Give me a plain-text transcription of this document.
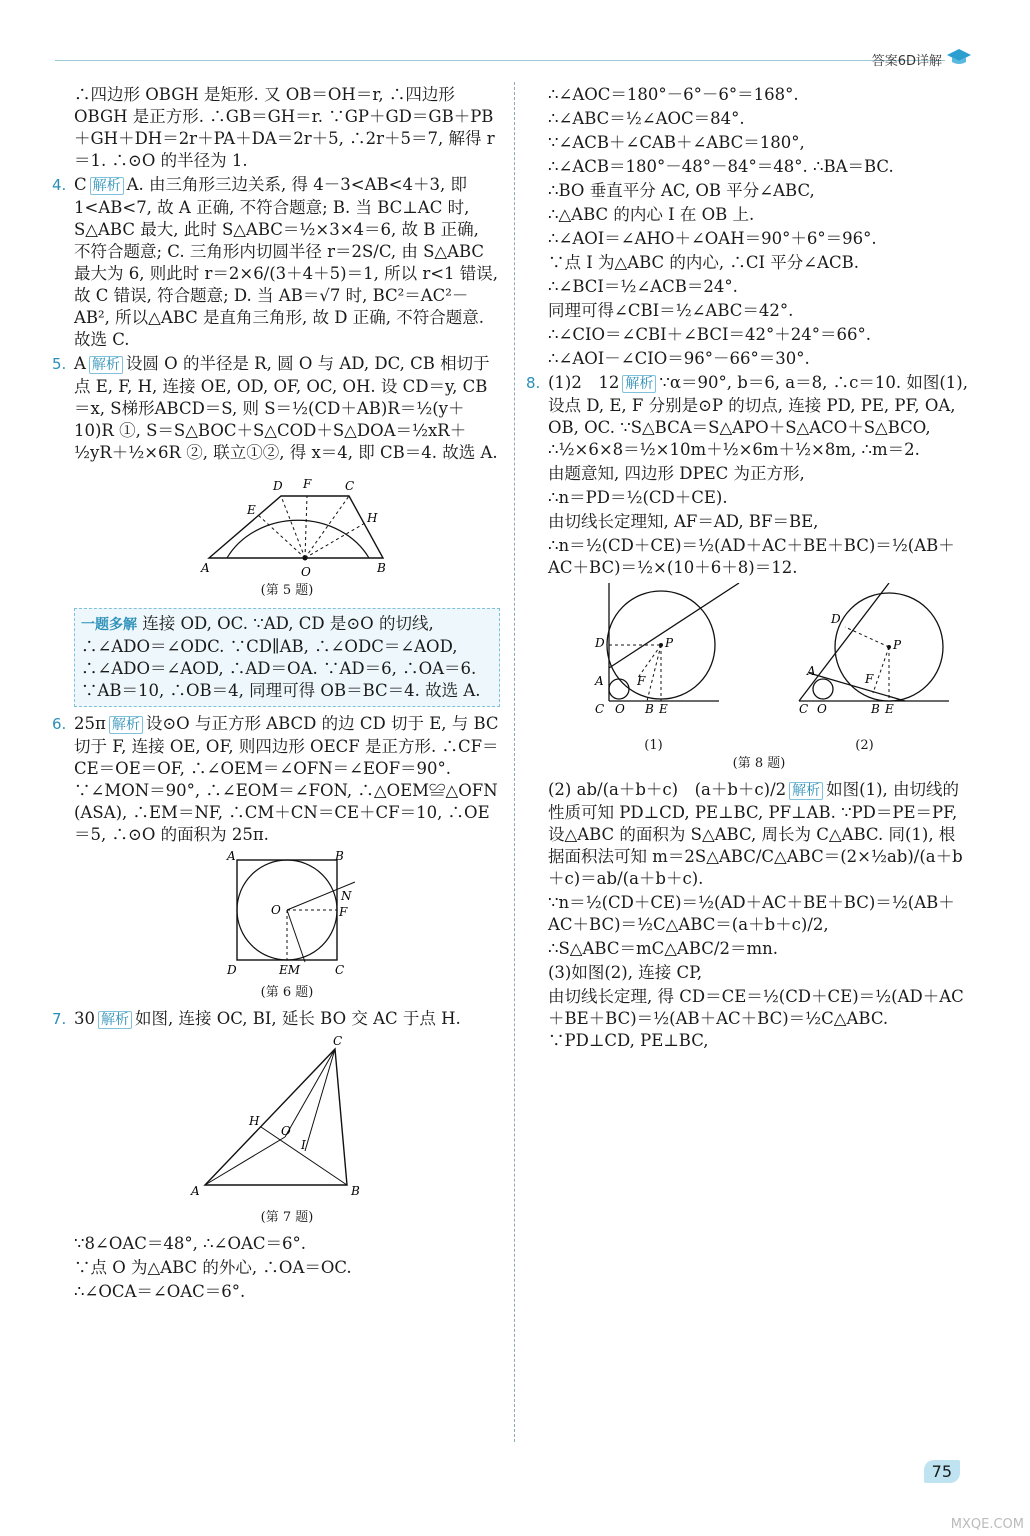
答案6D详解

∴四边形 OBGH 是矩形. 又 OB＝OH＝r, ∴四边形 OBGH 是正方形. ∴GB＝GH＝r. ∵GP＋GD＝GB＋PB＋GH＋DH＝2r＋PA＋DA＝2r＋5, ∴2r＋5＝7, 解得 r＝1. ∴⊙O 的半径为 1.

4. C 解析 A. 由三角形三边关系, 得 4－3<AB<4＋3, 即 1<AB<7, 故 A 正确, 不符合题意; B. 当 BC⊥AC 时, S△ABC 最大, 此时 S△ABC＝½×3×4＝6, 故 B 正确, 不符合题意; C. 三角形内切圆半径 r＝2S/C, 由 S△ABC 最大为 6, 则此时 r＝2×6/(3＋4＋5)＝1, 所以 r<1 错误, 故 C 错误, 符合题意; D. 当 AB＝√7 时, BC²＝AC²－AB², 所以△ABC 是直角三角形, 故 D 正确, 不符合题意. 故选 C.

5. A 解析 设圆 O 的半径是 R, 圆 O 与 AD, DC, CB 相切于点 E, F, H, 连接 OE, OD, OF, OC, OH. 设 CD＝y, CB＝x, S梯形ABCD＝S, 则 S＝½(CD＋AB)R＝½(y＋10)R ①, S＝S△BOC＋S△COD＋S△DOA＝½xR＋½yR＋½×6R ②, 联立①②, 得 x＝4, 即 CB＝4. 故选 A.

A	B
O
D F	C
E
H
(第 5 题)
一题多解 连接 OD, OC. ∵AD, CD 是⊙O 的切线, ∴∠ADO＝∠ODC. ∵CD∥AB, ∴∠ODC＝∠AOD, ∴∠ADO＝∠AOD, ∴AD＝OA. ∵AD＝6, ∴OA＝6. ∵AB＝10, ∴OB＝4, 同理可得 OB＝BC＝4. 故选 A.

6. 25π 解析 设⊙O 与正方形 ABCD 的边 CD 切于 E, 与 BC 切于 F, 连接 OE, OF, 则四边形 OECF 是正方形. ∴CF＝CE＝OE＝OF, ∴∠OEM＝∠OFN＝∠EOF＝90°. ∵∠MON＝90°, ∴∠EOM＝∠FON, ∴△OEM≌△OFN (ASA), ∴EM＝NF, ∴CM＋CN＝CE＋CF＝10, ∴OE＝5, ∴⊙O 的面积为 25π.

A	B
D	C
O
N
F
EM
(第 6 题)

7. 30 解析 如图, 连接 OC, BI, 延长 BO 交 AC 于点 H.

A	B
C
H
O
I
(第 7 题)

∵8∠OAC＝48°, ∴∠OAC＝6°.

∵点 O 为△ABC 的外心, ∴OA＝OC.

∴∠OCA＝∠OAC＝6°.

∴∠AOC＝180°－6°－6°＝168°.

∴∠ABC＝½∠AOC＝84°.

∵∠ACB＋∠CAB＋∠ABC＝180°,

∴∠ACB＝180°－48°－84°＝48°. ∴BA＝BC.

∴BO 垂直平分 AC, OB 平分∠ABC,

∴△ABC 的内心 I 在 OB 上.

∴∠AOI＝∠AHO＋∠OAH＝90°＋6°＝96°.

∵点 I 为△ABC 的内心, ∴CI 平分∠ACB.

∴∠BCI＝½∠ACB＝24°.

同理可得∠CBI＝½∠ABC＝42°.

∴∠CIO＝∠CBI＋∠BCI＝42°＋24°＝66°.

∴∠AOI－∠CIO＝96°－66°＝30°.

8. (1)2　12 解析 ∵α＝90°, b＝6, a＝8, ∴c＝10. 如图(1), 设点 D, E, F 分别是⊙P 的切点, 连接 PD, PE, PF, OA, OB, OC. ∵S△BCA＝S△APO＋S△ACO＋S△BCO, ∴½×6×8＝½×10m＋½×6m＋½×8m, ∴m＝2.

由题意知, 四边形 DPEC 为正方形,

∴n＝PD＝½(CD＋CE).

由切线长定理知, AF＝AD, BF＝BE,

∴n＝½(CD＋CE)＝½(AD＋AC＋BE＋BC)＝½(AB＋AC＋BC)＝½×(10＋6＋8)＝12.

D	P
A	F
C O B E
D
P
A
F
C O	B E
(1)	(2)
(第 8 题)

(2) ab/(a＋b＋c)　(a＋b＋c)/2 解析 如图(1), 由切线的性质可知 PD⊥CD, PE⊥BC, PF⊥AB. ∵PD＝PE＝PF, 设△ABC 的面积为 S△ABC, 周长为 C△ABC. 同(1), 根据面积法可知 m＝2S△ABC/C△ABC＝(2×½ab)/(a＋b＋c)＝ab/(a＋b＋c).

∵n＝½(CD＋CE)＝½(AD＋AC＋BE＋BC)＝½(AB＋AC＋BC)＝½C△ABC＝(a＋b＋c)/2,

∴S△ABC＝mC△ABC/2＝mn.

(3)如图(2), 连接 CP,

由切线长定理, 得 CD＝CE＝½(CD＋CE)＝½(AD＋AC＋BE＋BC)＝½(AB＋AC＋BC)＝½C△ABC. ∵PD⊥CD, PE⊥BC,

75
MXQE.COM
